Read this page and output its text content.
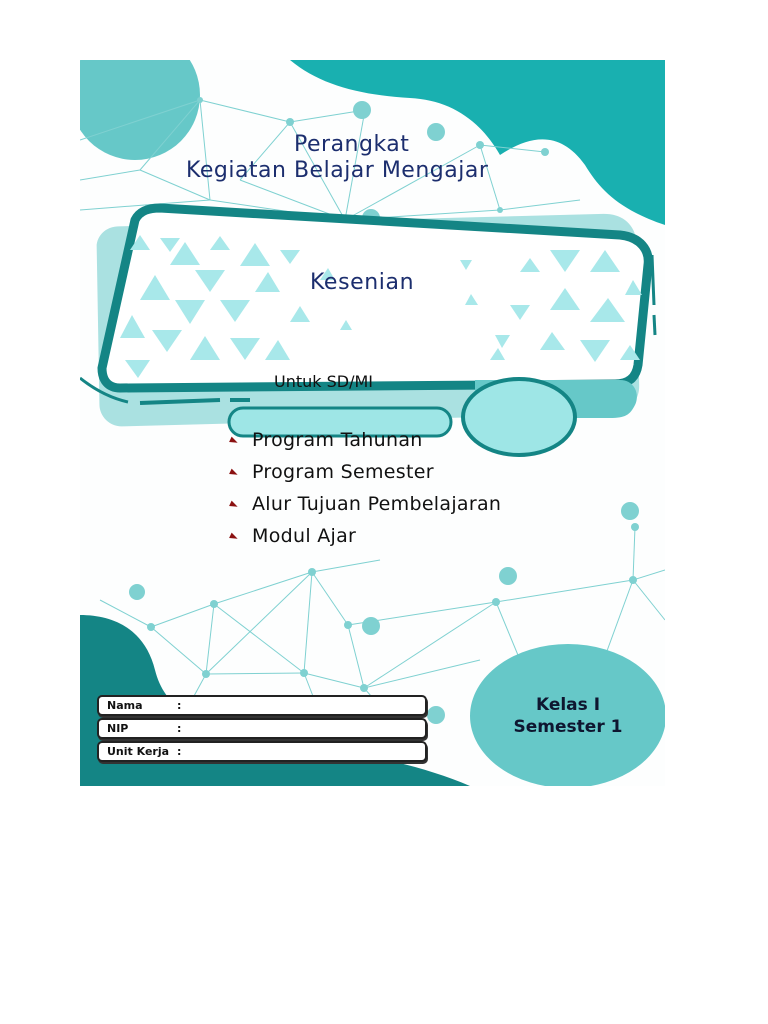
Perangkat
Kegiatan Belajar Mengajar
Kesenian
Untuk SD/MI
Program Tahunan
Program Semester
Alur Tujuan Pembelajaran
Modul Ajar
Nama	:
NIP	:
Unit Kerja :
Kelas I
Semester 1
